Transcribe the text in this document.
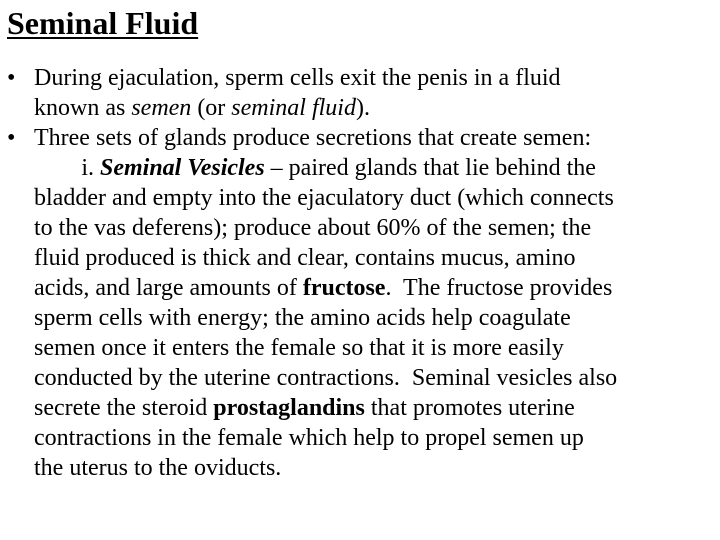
Seminal Fluid
• During ejaculation, sperm cells exit the penis in a fluid
known as semen (or seminal fluid).
• Three sets of glands produce secretions that create semen:
i. Seminal Vesicles – paired glands that lie behind the
bladder and empty into the ejaculatory duct (which connects
to the vas deferens); produce about 60% of the semen; the
fluid produced is thick and clear, contains mucus, amino
acids, and large amounts of fructose.  The fructose provides
sperm cells with energy; the amino acids help coagulate
semen once it enters the female so that it is more easily
conducted by the uterine contractions.  Seminal vesicles also
secrete the steroid prostaglandins that promotes uterine
contractions in the female which help to propel semen up
the uterus to the oviducts.
